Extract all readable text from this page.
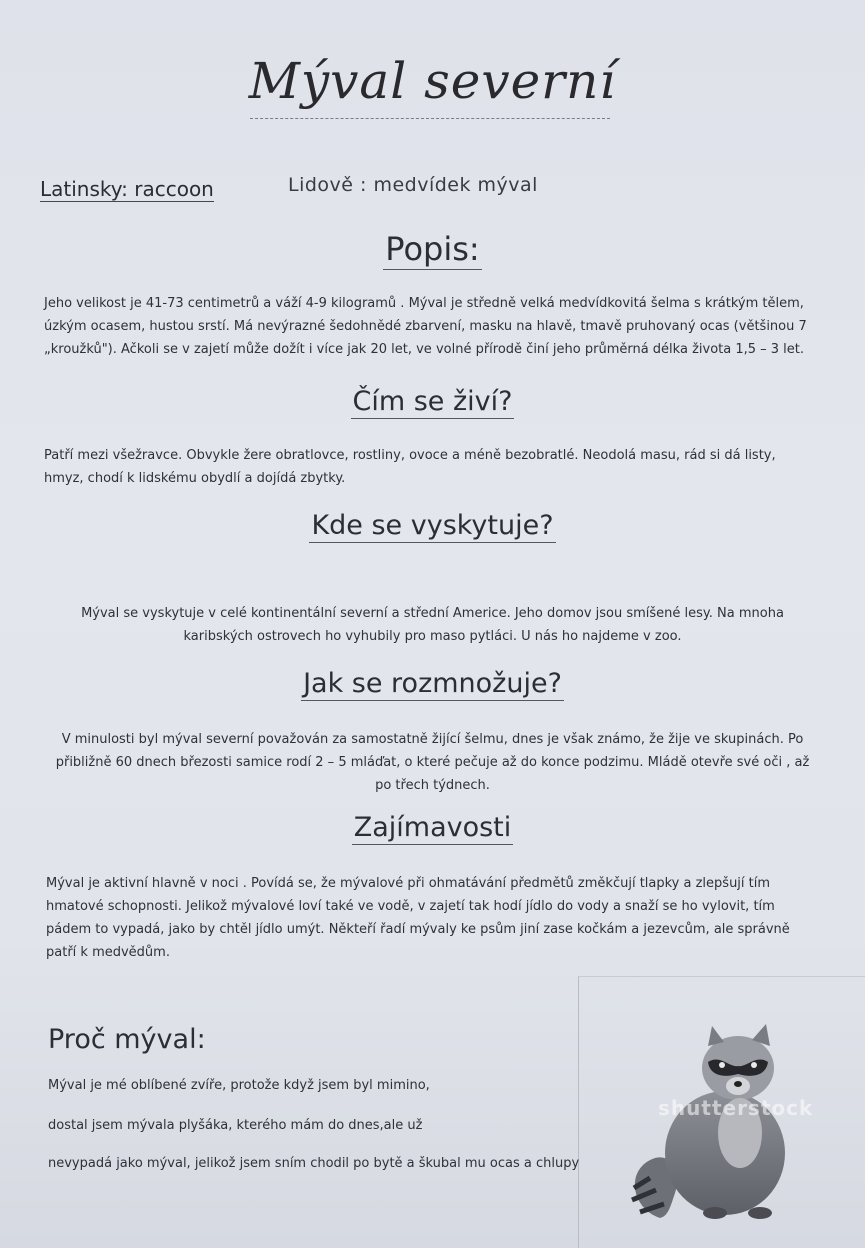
Mýval severní
Latinsky: raccoon	Lidově : medvídek mýval
Popis:
Jeho velikost je 41-73 centimetrů a váží 4-9 kilogramů . Mýval je středně velká medvídkovitá šelma s krátkým tělem,
úzkým ocasem, hustou srstí. Má nevýrazné šedohnědé zbarvení, masku na hlavě, tmavě pruhovaný ocas (většinou 7
„kroužků"). Ačkoli se v zajetí může dožít i více jak 20 let, ve volné přírodě činí jeho průměrná délka života 1,5 – 3 let.
Čím se živí?
Patří mezi všežravce. Obvykle žere obratlovce, rostliny, ovoce a méně bezobratlé. Neodolá masu, rád si dá listy,
hmyz, chodí k lidskému obydlí a dojídá zbytky.
Kde se vyskytuje?
Mýval se vyskytuje v celé kontinentální severní a střední Americe. Jeho domov jsou smíšené lesy. Na mnoha
karibských ostrovech ho vyhubily pro maso pytláci. U nás ho najdeme v zoo.
Jak se rozmnožuje?
V minulosti byl mýval severní považován za samostatně žijící šelmu, dnes je však známo, že žije ve skupinách. Po
přibližně 60 dnech březosti samice rodí 2 – 5 mláďat, o které pečuje až do konce podzimu. Mládě otevře své oči , až
po třech týdnech.
Zajímavosti
Mýval je aktivní hlavně v noci . Povídá se, že mývalové při ohmatávání předmětů změkčují tlapky a zlepšují tím
hmatové schopnosti. Jelikož mývalové loví také ve vodě, v zajetí tak hodí jídlo do vody a snaží se ho vylovit, tím
pádem to vypadá, jako by chtěl jídlo umýt. Někteří řadí mývaly ke psům jiní zase kočkám a jezevcům, ale správně
patří k medvědům.
shutterstock
Proč mýval:
Mýval je mé oblíbené zvíře, protože když jsem byl mimino,
dostal jsem mývala plyšáka, kterého mám do dnes,ale už
nevypadá jako mýval, jelikož jsem sním chodil po bytě a škubal mu ocas a chlupy
